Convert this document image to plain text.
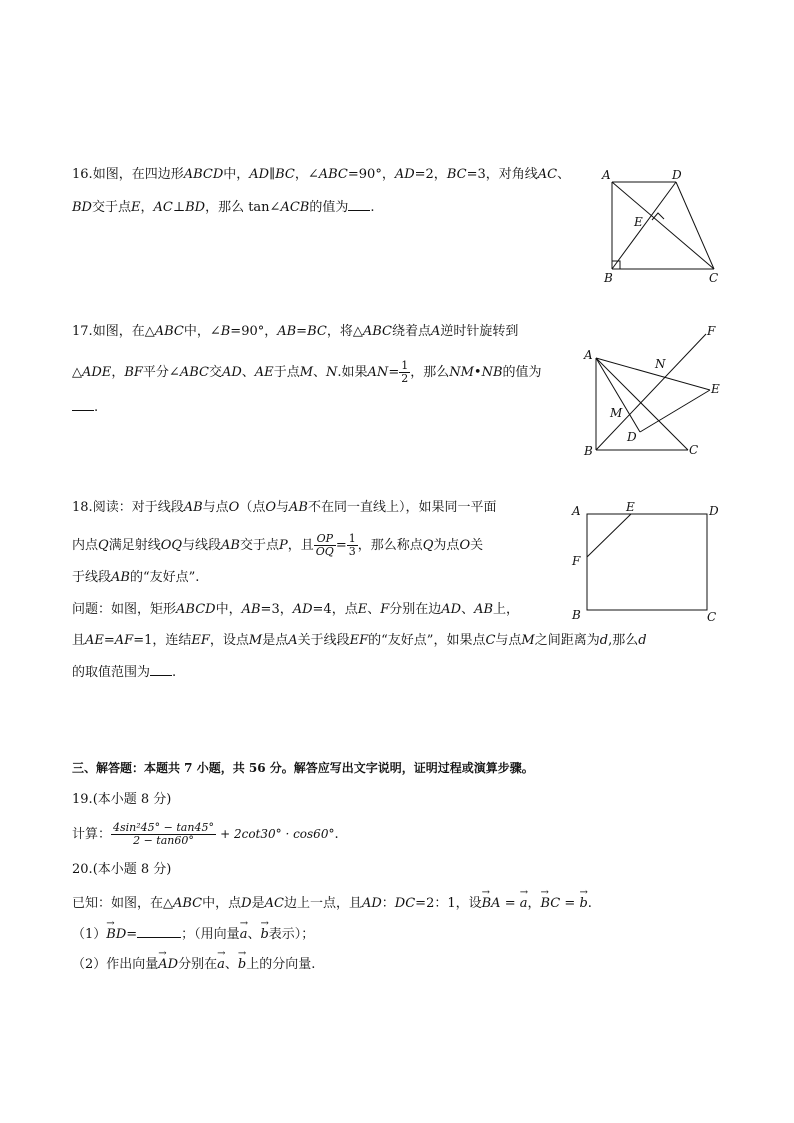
16.如图，在四边形ABCD中，AD∥BC，∠ABC=90°，AD=2，BC=3，对角线AC、
BD交于点E，AC⊥BD，那么 tan∠ACB的值为 .
A	D
E
B	C
17.如图，在△ABC中，∠B=90°，AB=BC，将△ABC绕着点A逆时针旋转到
△ADE，BF平分∠ABC交AD、AE于点M、N.如果$AN= \frac{1}{2}$ ，那么NM•NB的值为
.
F
A
N
E
M
D
B	C
18.阅读：对于线段AB与点O（点O与AB不在同一直线上），如果同一平面
内点Q满足射线OQ与线段AB交于点P，且 $\frac{OP}{OQ} = \frac{1}{3}$ ，那么称点Q为点O关
于线段AB的“友好点”.
问题：如图，矩形ABCD中，AB=3，AD=4，点E、F分别在边AD、AB上，
且AE=AF=1，连结EF，设点M是点A关于线段EF的“友好点”，如果点C与点M之间距离为d,那么d
的取值范围为 .
A	E	D
F
B	C
三、解答题：本题共 7 小题，共 56 分。解答应写出文字说明，证明过程或演算步骤。
19.(本小题 8 分)
计算： $\frac{\text{4sin²45° − tan45°}}{2 - \tan 60^\circ} + 2\cot 30^\circ \cdot \cos 60^\circ$.
20.(本小题 8 分)
已知：如图，在△ABC中，点D是AC边上一点，且AD：DC=2：1，设→ BA = → a，→ BC = → b.
（1）→ BD=	；（用向量→ a、→ b表示）；
（2）作出向量→ AD分别在→ a、→ b上的分向量.
